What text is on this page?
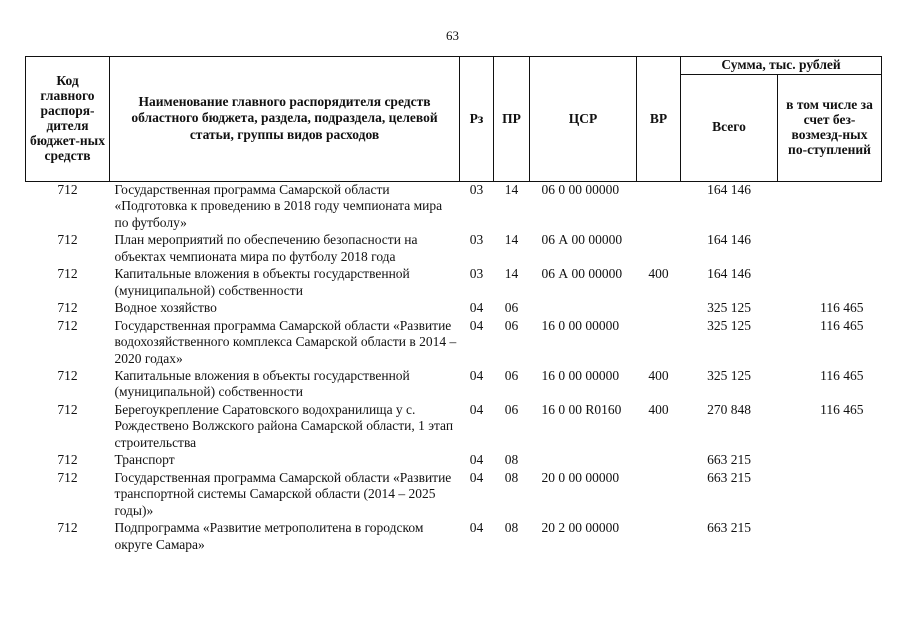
63
Код главного распоря-дителя бюджет-ных средств	Наименование главного распорядителя средств областного бюджета, раздела, подраздела, целевой статьи, группы видов расходов	Рз	ПР	ЦСР	ВР	Сумма, тыс. рублей	
						Всего	в том числе за счет без-возмезд-ных по-ступлений
712	Государственная программа Самарской области «Подготовка к проведению в 2018 году чемпионата мира по футболу»	03	14	06 0 00 00000		164 146	
712	План мероприятий по обеспечению безопасности на объектах чемпионата мира по футболу 2018 года	03	14	06 А 00 00000		164 146	
712	Капитальные вложения в объекты государственной (муниципальной) собственности	03	14	06 А 00 00000	400	164 146	
712	Водное хозяйство	04	06			325 125	116 465
712	Государственная программа Самарской области «Развитие водохозяйственного комплекса Самарской области в 2014 – 2020 годах»	04	06	16 0 00 00000		325 125	116 465
712	Капитальные вложения в объекты государственной (муниципальной) собственности	04	06	16 0 00 00000	400	325 125	116 465
712	Берегоукрепление Саратовского водохранилища у с. Рождествено Волжского района Самарской области, 1 этап строительства	04	06	16 0 00 R0160	400	270 848	116 465
712	Транспорт	04	08			663 215	
712	Государственная программа Самарской области «Развитие транспортной системы Самарской области (2014 – 2025 годы)»	04	08	20 0 00 00000		663 215	
712	Подпрограмма «Развитие метрополитена в городском округе Самара»	04	08	20 2 00 00000		663 215	
